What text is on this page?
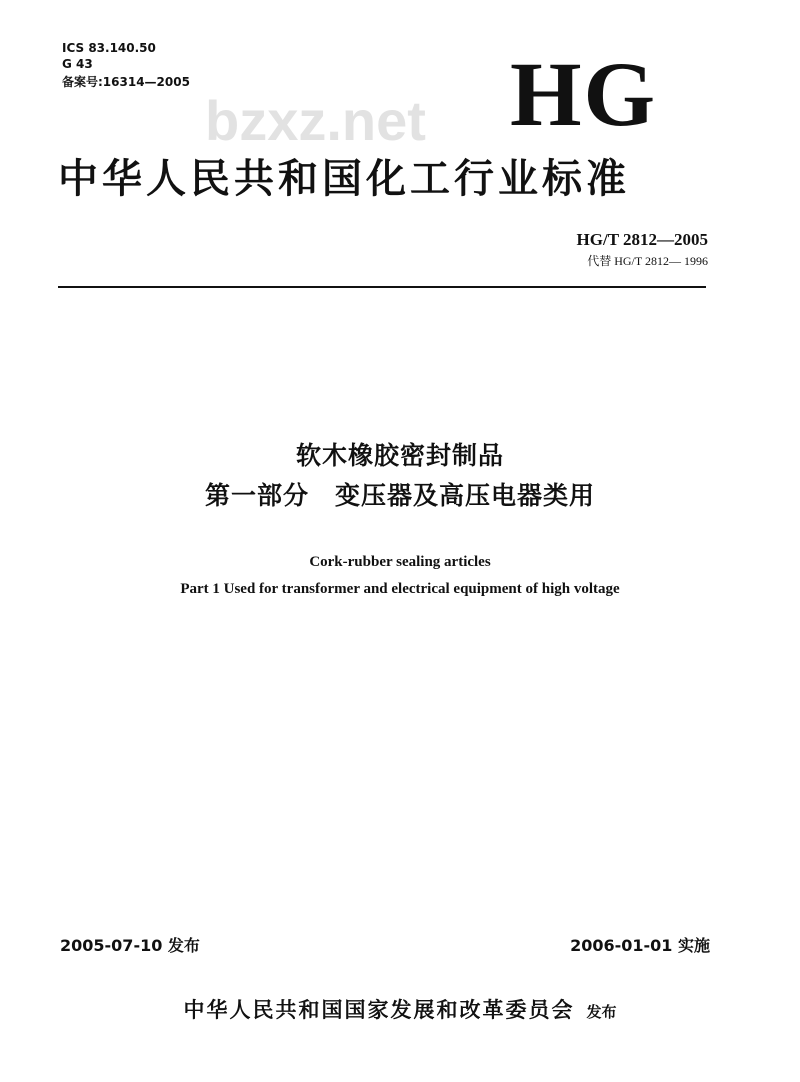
ICS 83.140.50
G 43
备案号:16314—2005	HG
bzxz.net
中华人民共和国化工行业标准
HG/T 2812—2005
代替 HG/T 2812— 1996
软木橡胶密封制品
第一部分　变压器及高压电器类用
Cork-rubber sealing articles
Part 1 Used for transformer and electrical equipment of high voltage
2005-07-10 发布	2006-01-01 实施
中华人民共和国国家发展和改革委员会 发布
